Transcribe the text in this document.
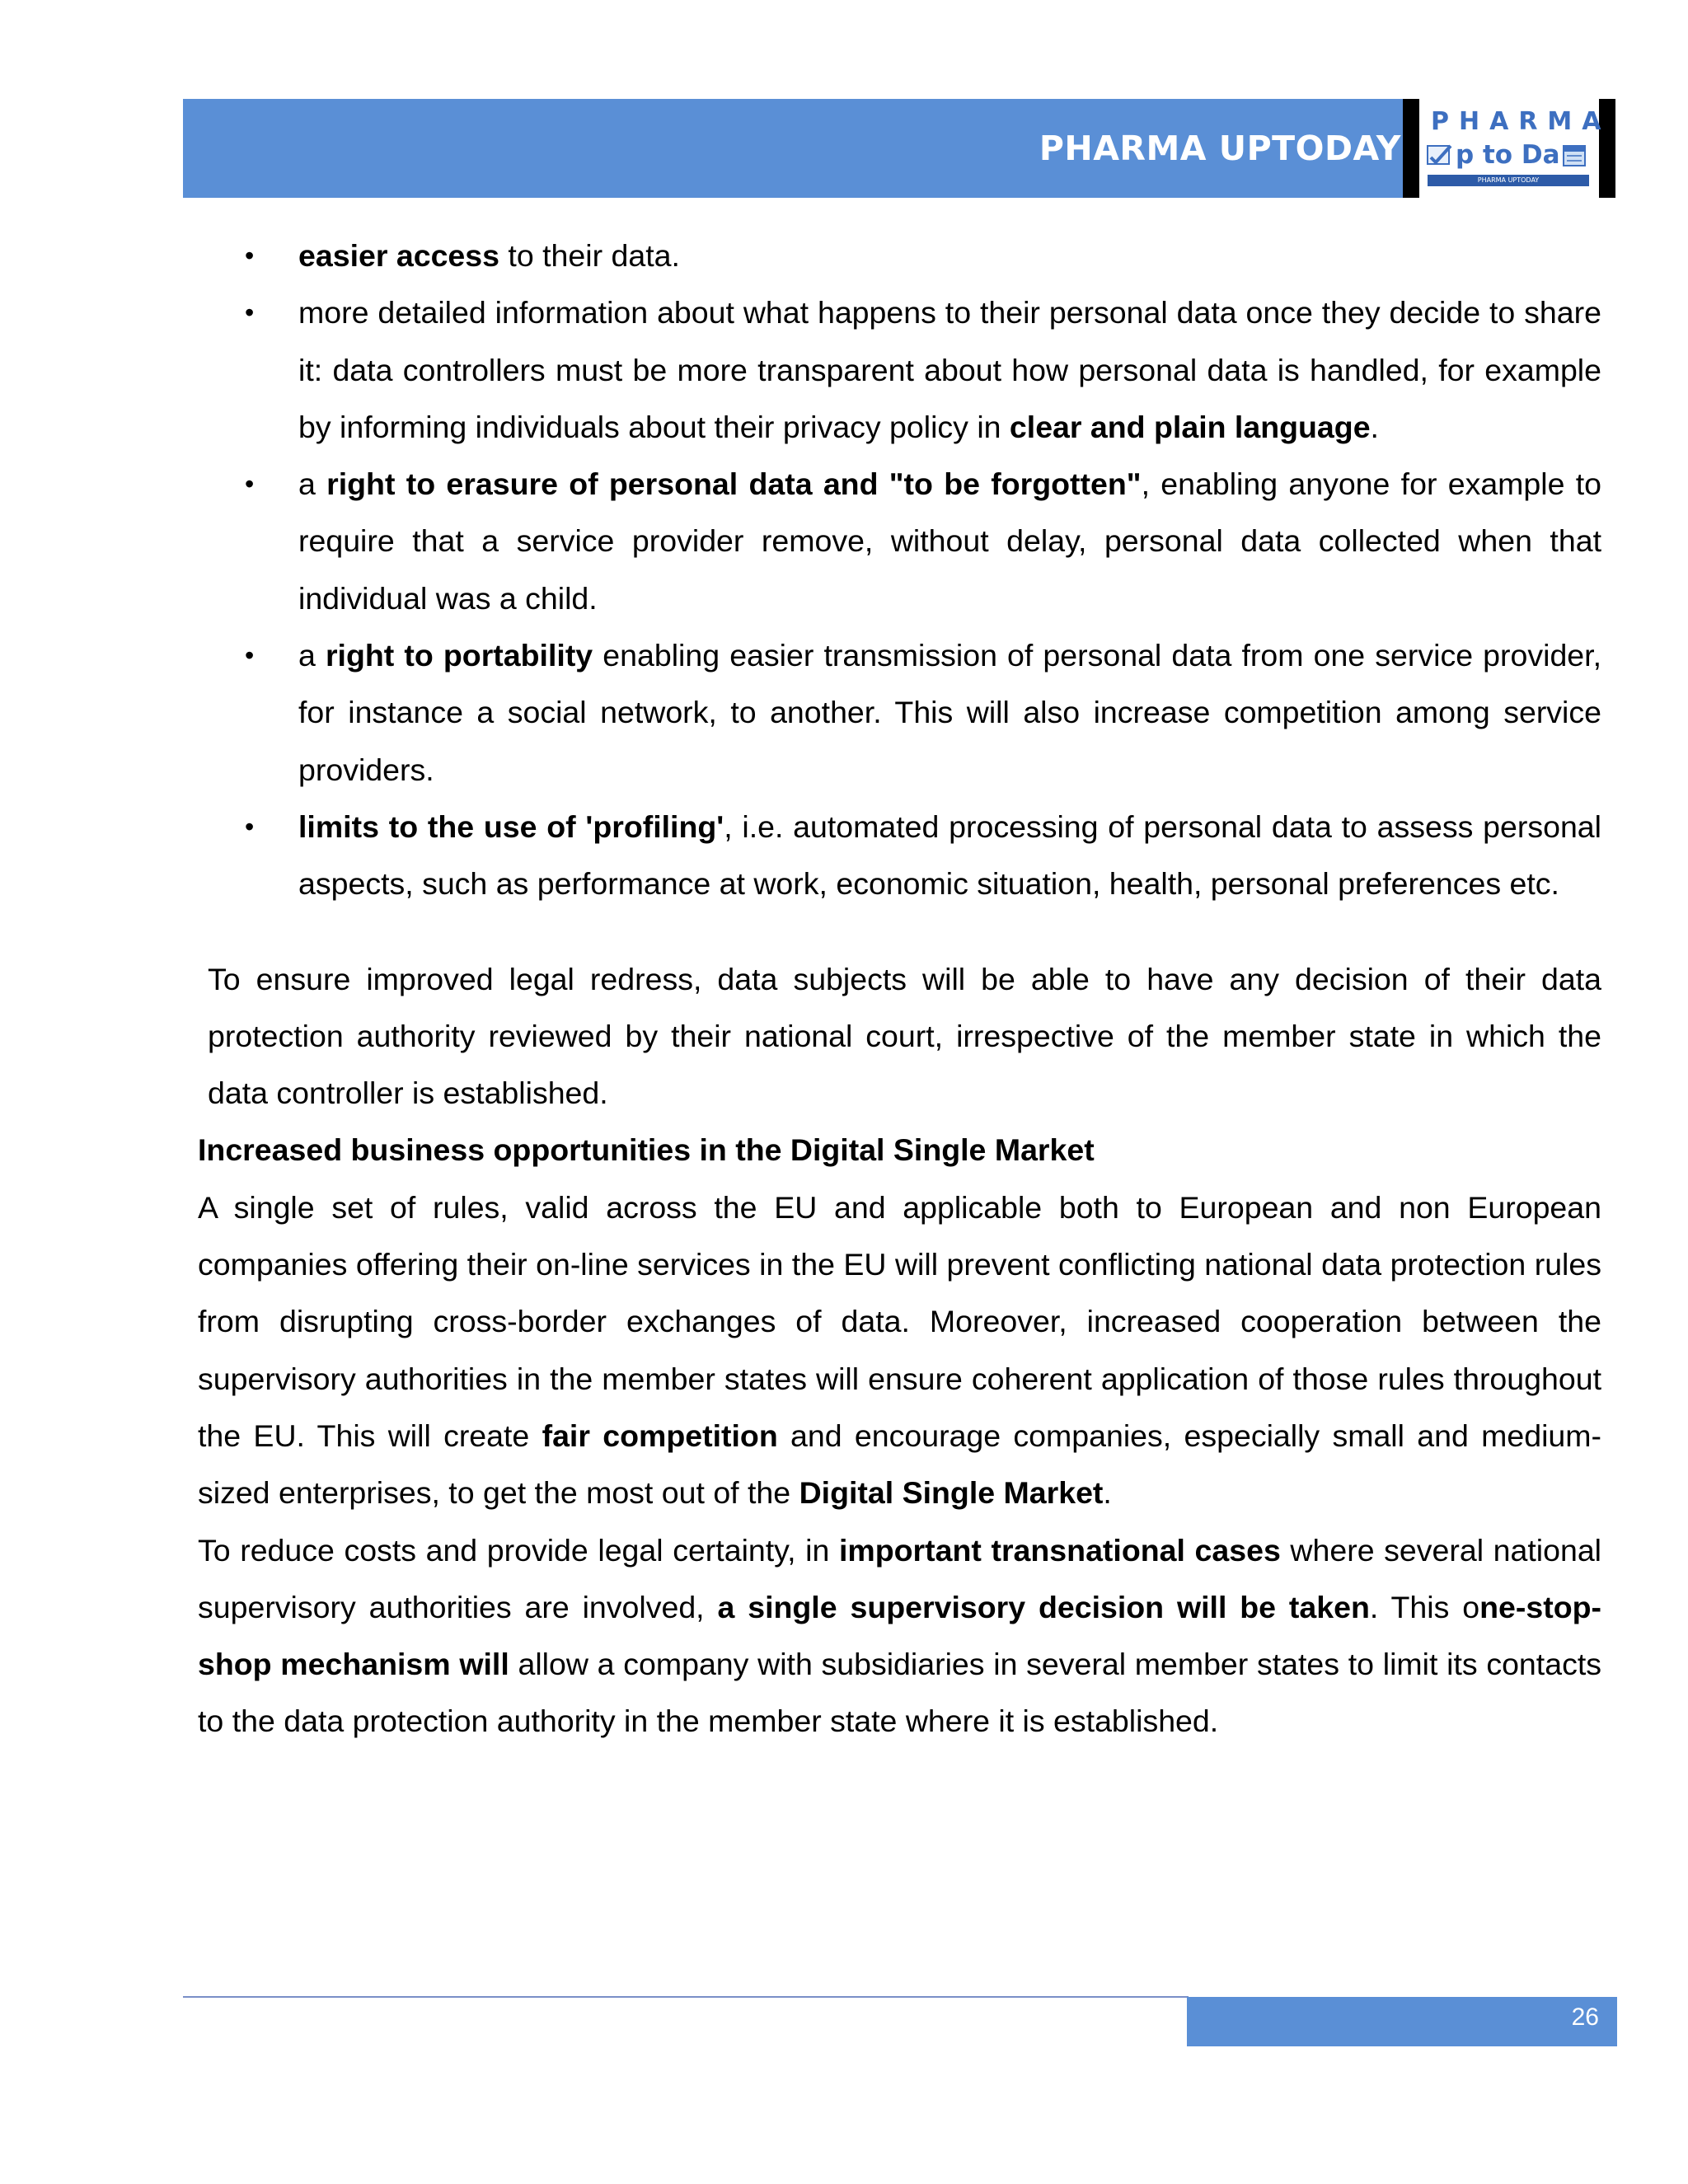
PHARMA UPTODAY
PHARMA
p to Da
PHARMA UPTODAY
• easier access to their data.
• more detailed information about what happens to their personal data once they decide to share it: data controllers must be more transparent about how personal data is handled, for example by informing individuals about their privacy policy in clear and plain language.
• a right to erasure of personal data and "to be forgotten", enabling anyone for example to require that a service provider remove, without delay, personal data collected when that individual was a child.
• a right to portability enabling easier transmission of personal data from one service provider, for instance a social network, to another. This will also increase competition among service providers.
• limits to the use of 'profiling', i.e. automated processing of personal data to assess personal aspects, such as performance at work, economic situation, health, personal preferences etc.

To ensure improved legal redress, data subjects will be able to have any decision of their data protection authority reviewed by their national court, irrespective of the member state in which the data controller is established.

Increased business opportunities in the Digital Single Market

A single set of rules, valid across the EU and applicable both to European and non European companies offering their on-line services in the EU will prevent conflicting national data protection rules from disrupting cross-border exchanges of data. Moreover, increased cooperation between the supervisory authorities in the member states will ensure coherent application of those rules throughout the EU. This will create fair competition and encourage companies, especially small and medium-sized enterprises, to get the most out of the Digital Single Market.

To reduce costs and provide legal certainty, in important transnational cases where several national supervisory authorities are involved, a single supervisory decision will be taken. This one-stop-shop mechanism will allow a company with subsidiaries in several member states to limit its contacts to the data protection authority in the member state where it is established.

26
